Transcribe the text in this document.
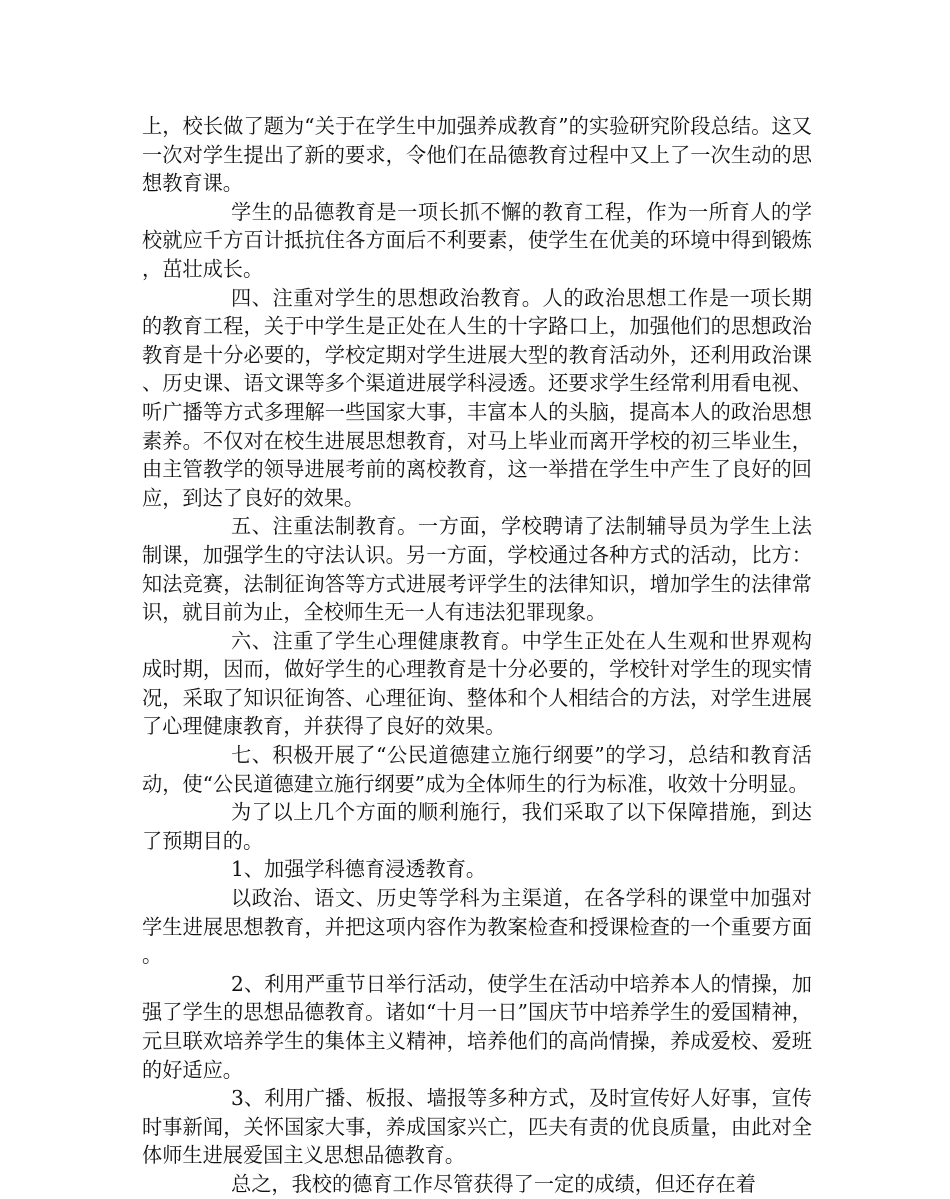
上，校长做了题为“关于在学生中加强养成教育”的实验研究阶段总结。这又一次对学生提出了新的要求，令他们在品德教育过程中又上了一次生动的思想教育课。

学生的品德教育是一项长抓不懈的教育工程，作为一所育人的学校就应千方百计抵抗住各方面后不利要素，使学生在优美的环境中得到锻炼，茁壮成长。

四、注重对学生的思想政治教育。人的政治思想工作是一项长期的教育工程，关于中学生是正处在人生的十字路口上，加强他们的思想政治教育是十分必要的，学校定期对学生进展大型的教育活动外，还利用政治课、历史课、语文课等多个渠道进展学科浸透。还要求学生经常利用看电视、听广播等方式多理解一些国家大事，丰富本人的头脑，提高本人的政治思想素养。不仅对在校生进展思想教育，对马上毕业而离开学校的初三毕业生，由主管教学的领导进展考前的离校教育，这一举措在学生中产生了良好的回应，到达了良好的效果。

五、注重法制教育。一方面，学校聘请了法制辅导员为学生上法制课，加强学生的守法认识。另一方面，学校通过各种方式的活动，比方：知法竞赛，法制征询答等方式进展考评学生的法律知识，增加学生的法律常识，就目前为止，全校师生无一人有违法犯罪现象。

六、注重了学生心理健康教育。中学生正处在人生观和世界观构成时期，因而，做好学生的心理教育是十分必要的，学校针对学生的现实情况，采取了知识征询答、心理征询、整体和个人相结合的方法，对学生进展了心理健康教育，并获得了良好的效果。

七、积极开展了“公民道德建立施行纲要”的学习，总结和教育活动，使“公民道德建立施行纲要”成为全体师生的行为标准，收效十分明显。

为了以上几个方面的顺利施行，我们采取了以下保障措施，到达了预期目的。

1、加强学科德育浸透教育。

以政治、语文、历史等学科为主渠道，在各学科的课堂中加强对学生进展思想教育，并把这项内容作为教案检查和授课检查的一个重要方面。

2、利用严重节日举行活动，使学生在活动中培养本人的情操，加强了学生的思想品德教育。诸如“十月一日”国庆节中培养学生的爱国精神，元旦联欢培养学生的集体主义精神，培养他们的高尚情操，养成爱校、爱班的好适应。

3、利用广播、板报、墙报等多种方式，及时宣传好人好事，宣传时事新闻，关怀国家大事，养成国家兴亡，匹夫有责的优良质量，由此对全体师生进展爱国主义思想品德教育。

总之，我校的德育工作尽管获得了一定的成绩，但还存在着
